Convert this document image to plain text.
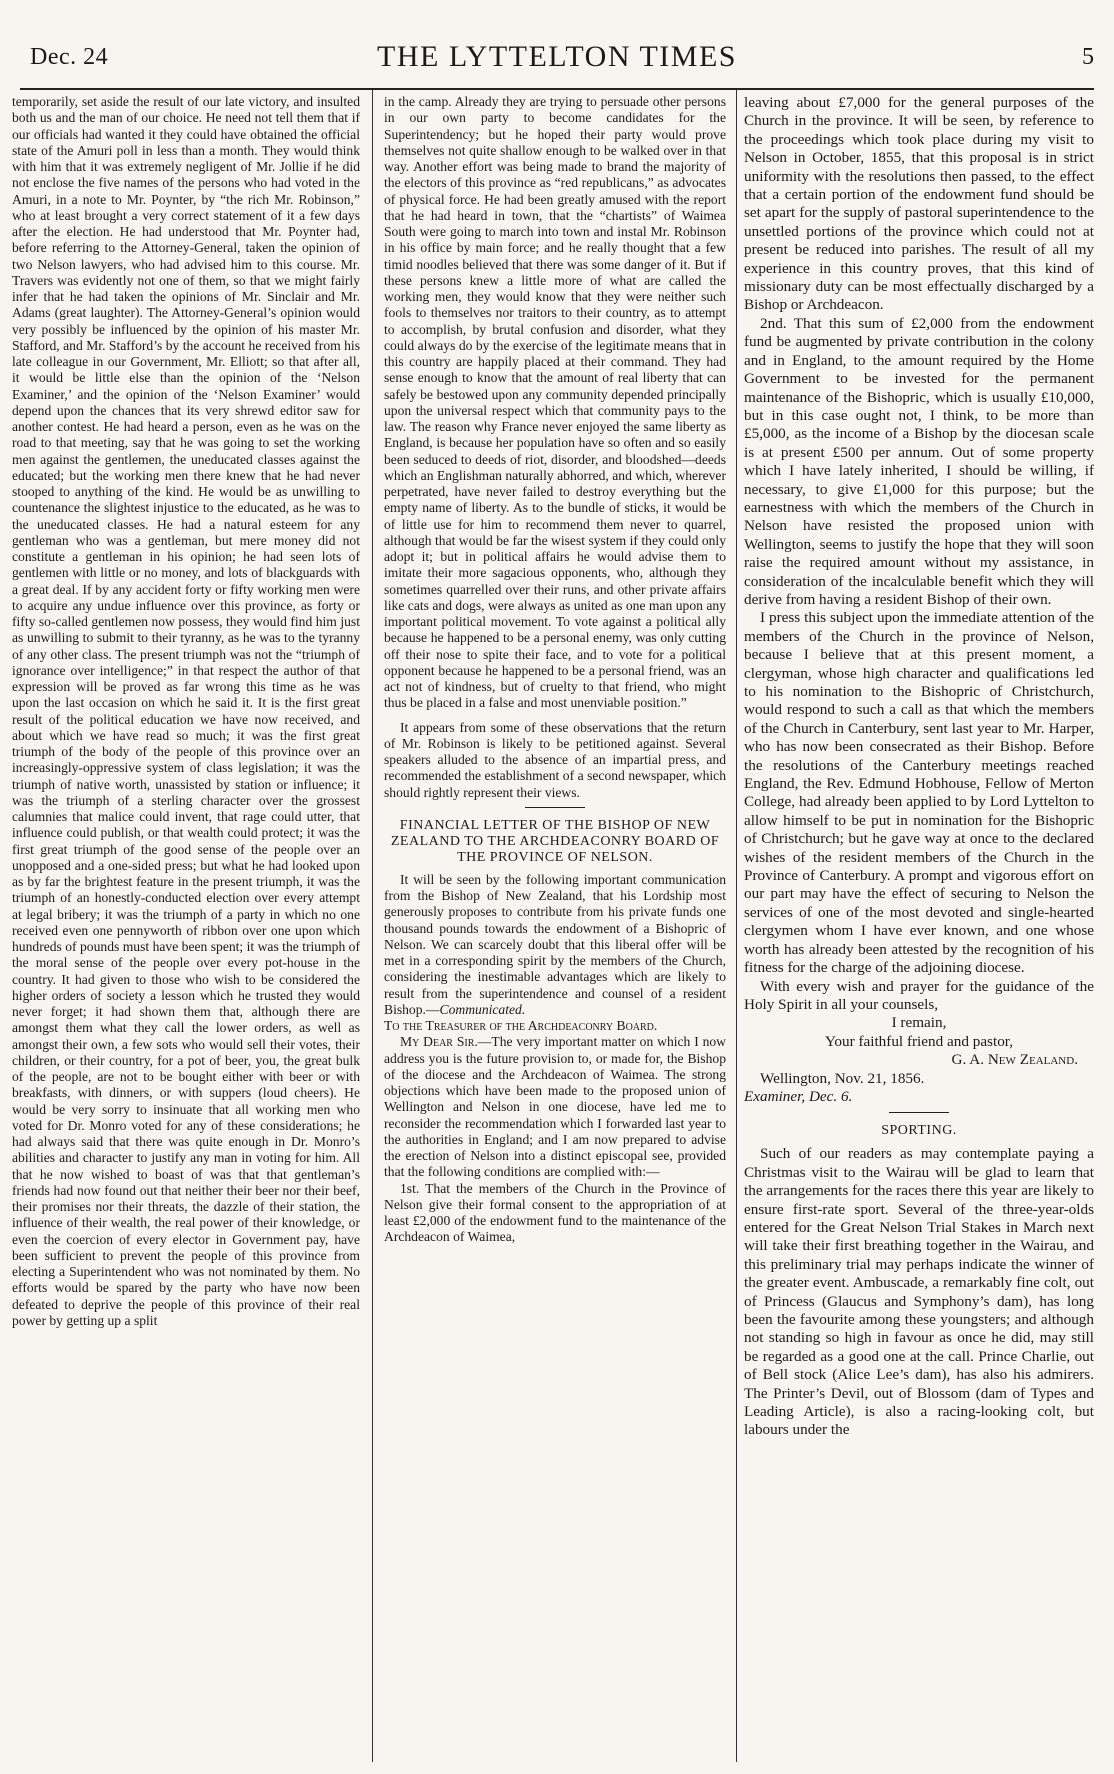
Dec. 24	THE LYTTELTON TIMES	5

temporarily, set aside the result of our late victory, and insulted both us and the man of our choice. He need not tell them that if our officials had wanted it they could have obtained the official state of the Amuri poll in less than a month. They would think with him that it was extremely negligent of Mr. Jollie if he did not enclose the five names of the persons who had voted in the Amuri, in a note to Mr. Poynter, by “the rich Mr. Robinson,” who at least brought a very correct statement of it a few days after the election. He had understood that Mr. Poynter had, before referring to the Attorney-General, taken the opinion of two Nelson lawyers, who had advised him to this course. Mr. Travers was evidently not one of them, so that we might fairly infer that he had taken the opinions of Mr. Sinclair and Mr. Adams (great laughter). The Attorney-General’s opinion would very possibly be influenced by the opinion of his master Mr. Stafford, and Mr. Stafford’s by the account he received from his late colleague in our Government, Mr. Elliott; so that after all, it would be little else than the opinion of the ‘Nelson Examiner,’ and the opinion of the ‘Nelson Examiner’ would depend upon the chances that its very shrewd editor saw for another contest. He had heard a person, even as he was on the road to that meeting, say that he was going to set the working men against the gentlemen, the uneducated classes against the educated; but the working men there knew that he had never stooped to anything of the kind. He would be as unwilling to countenance the slightest injustice to the educated, as he was to the uneducated classes. He had a natural esteem for any gentleman who was a gentleman, but mere money did not constitute a gentleman in his opinion; he had seen lots of gentlemen with little or no money, and lots of blackguards with a great deal. If by any accident forty or fifty working men were to acquire any undue influence over this province, as forty or fifty so-called gentlemen now possess, they would find him just as unwilling to submit to their tyranny, as he was to the tyranny of any other class. The present triumph was not the “triumph of ignorance over intelligence;” in that respect the author of that expression will be proved as far wrong this time as he was upon the last occasion on which he said it. It is the first great result of the political education we have now received, and about which we have read so much; it was the first great triumph of the body of the people of this province over an increasingly-oppressive system of class legislation; it was the triumph of native worth, unassisted by station or influence; it was the triumph of a sterling character over the grossest calumnies that malice could invent, that rage could utter, that influence could publish, or that wealth could protect; it was the first great triumph of the good sense of the people over an unopposed and a one-sided press; but what he had looked upon as by far the brightest feature in the present triumph, it was the triumph of an honestly-conducted election over every attempt at legal bribery; it was the triumph of a party in which no one received even one pennyworth of ribbon over one upon which hundreds of pounds must have been spent; it was the triumph of the moral sense of the people over every pot-house in the country. It had given to those who wish to be considered the higher orders of society a lesson which he trusted they would never forget; it had shown them that, although there are amongst them what they call the lower orders, as well as amongst their own, a few sots who would sell their votes, their children, or their country, for a pot of beer, you, the great bulk of the people, are not to be bought either with beer or with breakfasts, with dinners, or with suppers (loud cheers). He would be very sorry to insinuate that all working men who voted for Dr. Monro voted for any of these considerations; he had always said that there was quite enough in Dr. Monro’s abilities and character to justify any man in voting for him. All that he now wished to boast of was that that gentleman’s friends had now found out that neither their beer nor their beef, their promises nor their threats, the dazzle of their station, the influence of their wealth, the real power of their knowledge, or even the coercion of every elector in Government pay, have been sufficient to prevent the people of this province from electing a Superintendent who was not nominated by them. No efforts would be spared by the party who have now been defeated to deprive the people of this province of their real power by getting up a split

in the camp. Already they are trying to persuade other persons in our own party to become candidates for the Superintendency; but he hoped their party would prove themselves not quite shallow enough to be walked over in that way. Another effort was being made to brand the majority of the electors of this province as “red republicans,” as advocates of physical force. He had been greatly amused with the report that he had heard in town, that the “chartists” of Waimea South were going to march into town and instal Mr. Robinson in his office by main force; and he really thought that a few timid noodles believed that there was some danger of it. But if these persons knew a little more of what are called the working men, they would know that they were neither such fools to themselves nor traitors to their country, as to attempt to accomplish, by brutal confusion and disorder, what they could always do by the exercise of the legitimate means that in this country are happily placed at their command. They had sense enough to know that the amount of real liberty that can safely be bestowed upon any community depended principally upon the universal respect which that community pays to the law. The reason why France never enjoyed the same liberty as England, is because her population have so often and so easily been seduced to deeds of riot, disorder, and bloodshed—deeds which an Englishman naturally abhorred, and which, wherever perpetrated, have never failed to destroy everything but the empty name of liberty. As to the bundle of sticks, it would be of little use for him to recommend them never to quarrel, although that would be far the wisest system if they could only adopt it; but in political affairs he would advise them to imitate their more sagacious opponents, who, although they sometimes quarrelled over their runs, and other private affairs like cats and dogs, were always as united as one man upon any important political movement. To vote against a political ally because he happened to be a personal enemy, was only cutting off their nose to spite their face, and to vote for a political opponent because he happened to be a personal friend, was an act not of kindness, but of cruelty to that friend, who might thus be placed in a false and most unenviable position.”

It appears from some of these observations that the return of Mr. Robinson is likely to be petitioned against. Several speakers alluded to the absence of an impartial press, and recommended the establishment of a second newspaper, which should rightly represent their views.

FINANCIAL LETTER OF THE BISHOP OF NEW ZEALAND TO THE ARCHDEACONRY BOARD OF THE PROVINCE OF NELSON.

It will be seen by the following important communication from the Bishop of New Zealand, that his Lordship most generously proposes to contribute from his private funds one thousand pounds towards the endowment of a Bishopric of Nelson. We can scarcely doubt that this liberal offer will be met in a corresponding spirit by the members of the Church, considering the inestimable advantages which are likely to result from the superintendence and counsel of a resident Bishop.—Communicated.

To the Treasurer of the Archdeaconry Board.

My Dear Sir.—The very important matter on which I now address you is the future provision to, or made for, the Bishop of the diocese and the Archdeacon of Waimea. The strong objections which have been made to the proposed union of Wellington and Nelson in one diocese, have led me to reconsider the recommendation which I forwarded last year to the authorities in England; and I am now prepared to advise the erection of Nelson into a distinct episcopal see, provided that the following conditions are complied with:—

1st. That the members of the Church in the Province of Nelson give their formal consent to the appropriation of at least £2,000 of the endowment fund to the maintenance of the Archdeacon of Waimea,

leaving about £7,000 for the general purposes of the Church in the province. It will be seen, by reference to the proceedings which took place during my visit to Nelson in October, 1855, that this proposal is in strict uniformity with the resolutions then passed, to the effect that a certain portion of the endowment fund should be set apart for the supply of pastoral superintendence to the unsettled portions of the province which could not at present be reduced into parishes. The result of all my experience in this country proves, that this kind of missionary duty can be most effectually discharged by a Bishop or Archdeacon.

2nd. That this sum of £2,000 from the endowment fund be augmented by private contribution in the colony and in England, to the amount required by the Home Government to be invested for the permanent maintenance of the Bishopric, which is usually £10,000, but in this case ought not, I think, to be more than £5,000, as the income of a Bishop by the diocesan scale is at present £500 per annum. Out of some property which I have lately inherited, I should be willing, if necessary, to give £1,000 for this purpose; but the earnestness with which the members of the Church in Nelson have resisted the proposed union with Wellington, seems to justify the hope that they will soon raise the required amount without my assistance, in consideration of the incalculable benefit which they will derive from having a resident Bishop of their own.

I press this subject upon the immediate attention of the members of the Church in the province of Nelson, because I believe that at this present moment, a clergyman, whose high character and qualifications led to his nomination to the Bishopric of Christchurch, would respond to such a call as that which the members of the Church in Canterbury, sent last year to Mr. Harper, who has now been consecrated as their Bishop. Before the resolutions of the Canterbury meetings reached England, the Rev. Edmund Hobhouse, Fellow of Merton College, had already been applied to by Lord Lyttelton to allow himself to be put in nomination for the Bishopric of Christchurch; but he gave way at once to the declared wishes of the resident members of the Church in the Province of Canterbury. A prompt and vigorous effort on our part may have the effect of securing to Nelson the services of one of the most devoted and single-hearted clergymen whom I have ever known, and one whose worth has already been attested by the recognition of his fitness for the charge of the adjoining diocese.

With every wish and prayer for the guidance of the Holy Spirit in all your counsels,

I remain,
Your faithful friend and pastor,
G. A. New Zealand.

Wellington, Nov. 21, 1856.

Examiner, Dec. 6.

SPORTING.

Such of our readers as may contemplate paying a Christmas visit to the Wairau will be glad to learn that the arrangements for the races there this year are likely to ensure first-rate sport. Several of the three-year-olds entered for the Great Nelson Trial Stakes in March next will take their first breathing together in the Wairau, and this preliminary trial may perhaps indicate the winner of the greater event. Ambuscade, a remarkably fine colt, out of Princess (Glaucus and Symphony’s dam), has long been the favourite among these youngsters; and although not standing so high in favour as once he did, may still be regarded as a good one at the call. Prince Charlie, out of Bell stock (Alice Lee’s dam), has also his admirers. The Printer’s Devil, out of Blossom (dam of Types and Leading Article), is also a racing-looking colt, but labours under the
